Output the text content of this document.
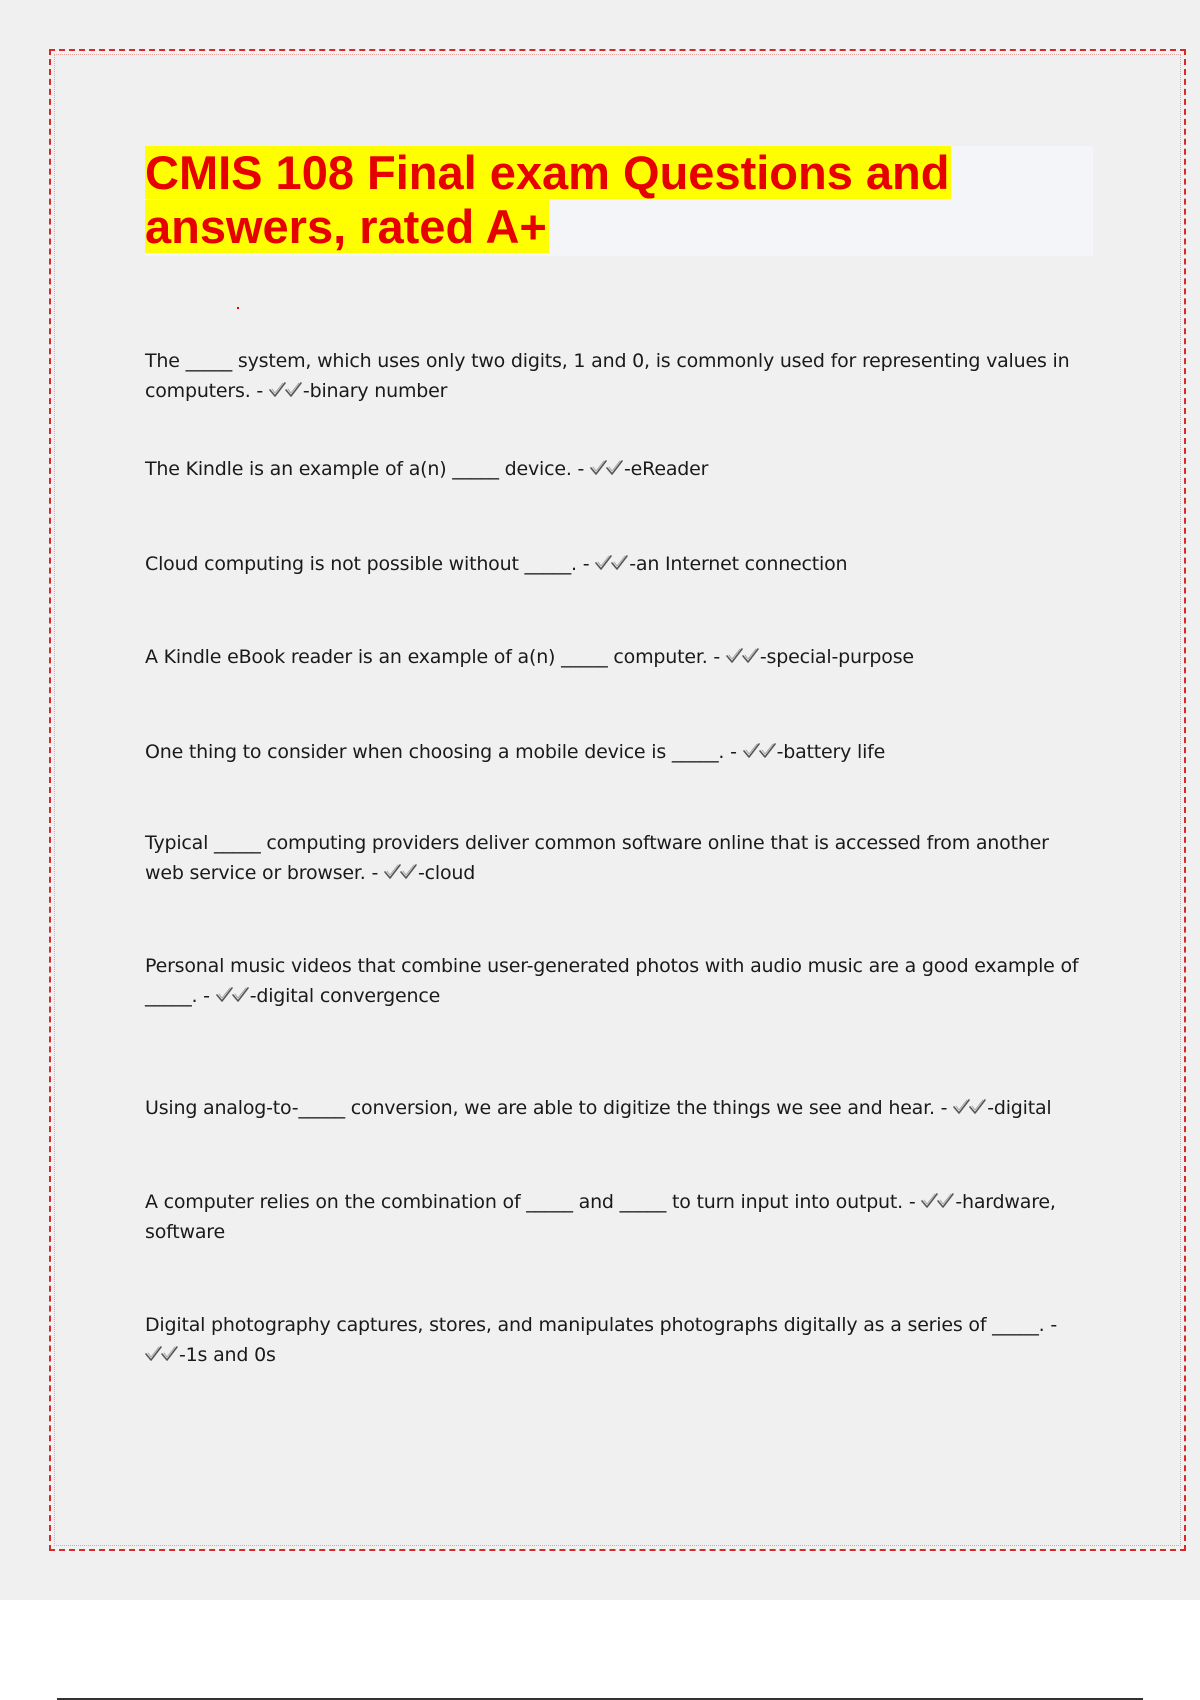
CMIS 108 Final exam Questions and
answers, rated A+
The _____ system, which uses only two digits, 1 and 0, is commonly used for representing values in computers. -
-binary number
The Kindle is an example of a(n) _____ device. -
-eReader
Cloud computing is not possible without _____. -
-an Internet connection
A Kindle eBook reader is an example of a(n) _____ computer. -
-special-purpose
One thing to consider when choosing a mobile device is _____. -
-battery life
Typical _____ computing providers deliver common software online that is accessed from another web service or browser. -
-cloud
Personal music videos that combine user-generated photos with audio music are a good example of _____. -
-digital convergence
Using analog-to-_____ conversion, we are able to digitize the things we see and hear. -
-digital
A computer relies on the combination of _____ and _____ to turn input into output. -
-hardware, software
Digital photography captures, stores, and manipulates photographs digitally as a series of _____. -
-1s and 0s
